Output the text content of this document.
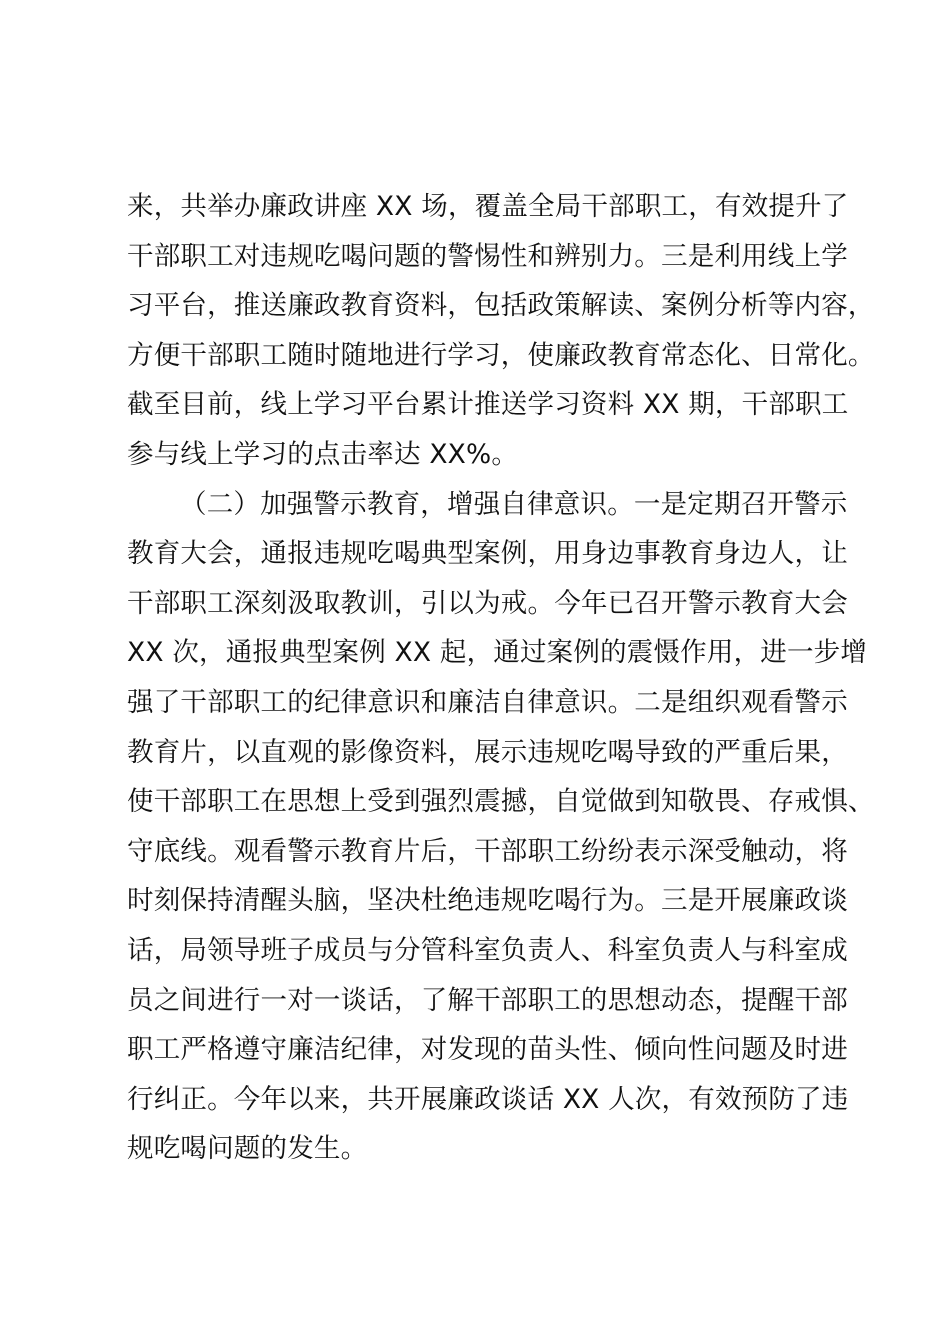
来，共举办廉政讲座 XX 场，覆盖全局干部职工，有效提升了
干部职工对违规吃喝问题的警惕性和辨别力。三是利用线上学
习平台，推送廉政教育资料，包括政策解读、案例分析等内容，
方便干部职工随时随地进行学习，使廉政教育常态化、日常化。
截至目前，线上学习平台累计推送学习资料 XX 期，干部职工
参与线上学习的点击率达 XX%。
（二）加强警示教育，增强自律意识。一是定期召开警示
教育大会，通报违规吃喝典型案例，用身边事教育身边人，让
干部职工深刻汲取教训，引以为戒。今年已召开警示教育大会
XX 次，通报典型案例 XX 起，通过案例的震慑作用，进一步增
强了干部职工的纪律意识和廉洁自律意识。二是组织观看警示
教育片，以直观的影像资料，展示违规吃喝导致的严重后果，
使干部职工在思想上受到强烈震撼，自觉做到知敬畏、存戒惧、
守底线。观看警示教育片后，干部职工纷纷表示深受触动，将
时刻保持清醒头脑，坚决杜绝违规吃喝行为。三是开展廉政谈
话，局领导班子成员与分管科室负责人、科室负责人与科室成
员之间进行一对一谈话，了解干部职工的思想动态，提醒干部
职工严格遵守廉洁纪律，对发现的苗头性、倾向性问题及时进
行纠正。今年以来，共开展廉政谈话 XX 人次，有效预防了违
规吃喝问题的发生。
